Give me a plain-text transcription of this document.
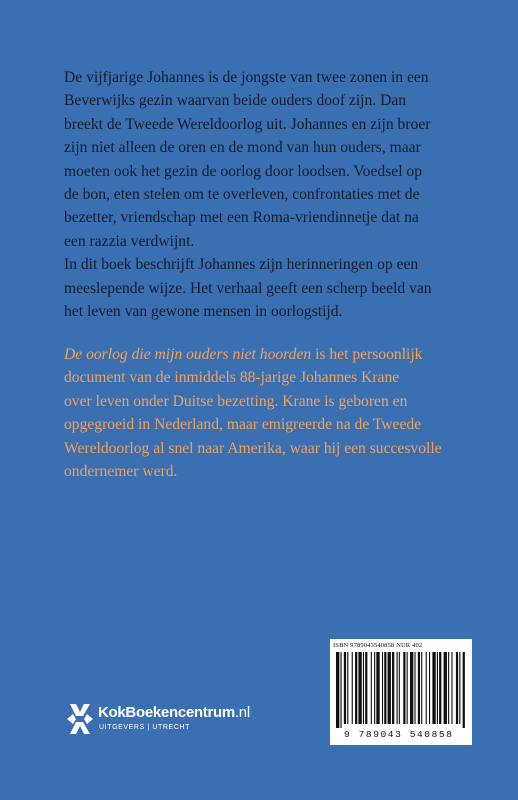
De vijfjarige Johannes is de jongste van twee zonen in een

Beverwijks gezin waarvan beide ouders doof zijn. Dan

breekt de Tweede Wereldoorlog uit. Johannes en zijn broer

zijn niet alleen de oren en de mond van hun ouders, maar

moeten ook het gezin de oorlog door loodsen. Voedsel op

de bon, eten stelen om te overleven, confrontaties met de

bezetter, vriendschap met een Roma-vriendinnetje dat na

een razzia verdwijnt.

In dit boek beschrijft Johannes zijn herinneringen op een

meeslepende wijze. Het verhaal geeft een scherp beeld van

het leven van gewone mensen in oorlogstijd.

De oorlog die mijn ouders niet hoorden is het persoonlijk

document van de inmiddels 88-jarige Johannes Krane

over leven onder Duitse bezetting. Krane is geboren en

opgegroeid in Nederland, maar emigreerde na de Tweede

Wereldoorlog al snel naar Amerika, waar hij een succesvolle

ondernemer werd.

KokBoekencentrum.nl
UITGEVERS | UTRECHT
ISBN 9789043540858 NUR 402
9 789043 540858
